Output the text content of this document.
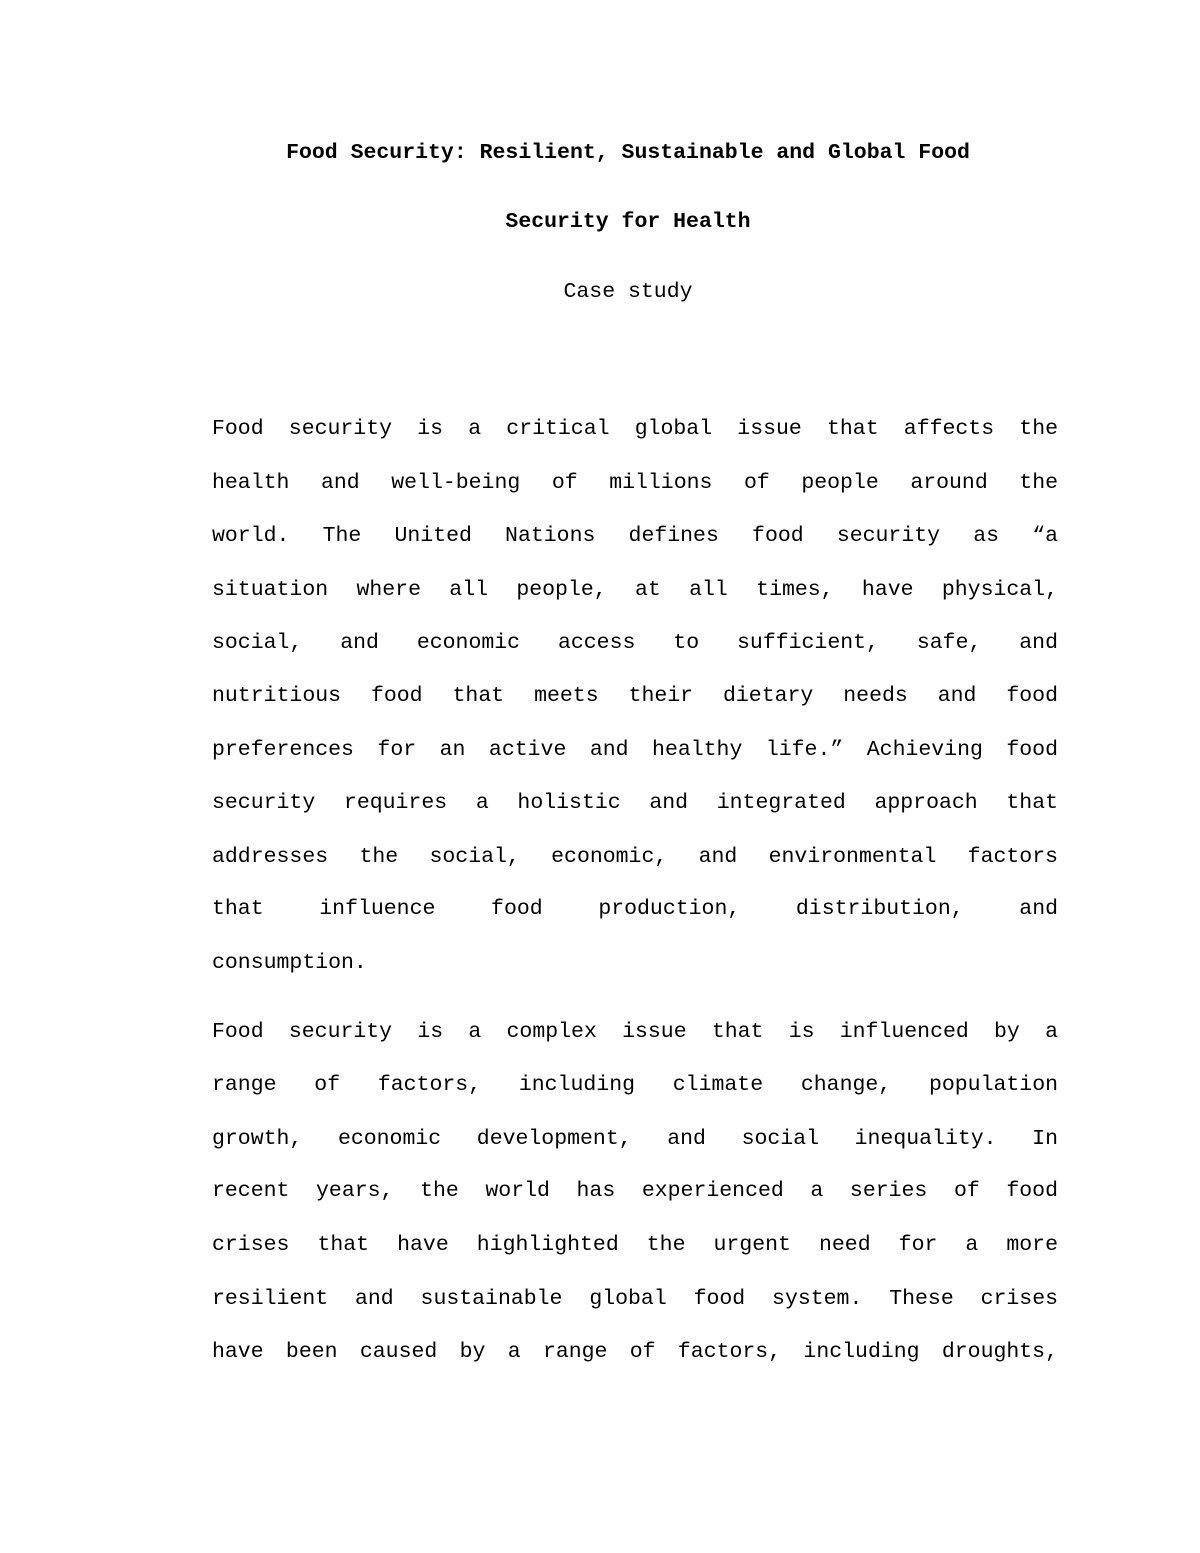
Food Security: Resilient, Sustainable and Global Food
Security for Health
Case study
Food security is a critical global issue that affects the
health and well-being of millions of people around the
world. The United Nations defines food security as “a
situation where all people, at all times, have physical,
social, and economic access to sufficient, safe, and
nutritious food that meets their dietary needs and food
preferences for an active and healthy life.” Achieving food
security requires a holistic and integrated approach that
addresses the social, economic, and environmental factors
that influence food production, distribution, and
consumption.
Food security is a complex issue that is influenced by a
range of factors, including climate change, population
growth, economic development, and social inequality. In
recent years, the world has experienced a series of food
crises that have highlighted the urgent need for a more
resilient and sustainable global food system. These crises
have been caused by a range of factors, including droughts,
